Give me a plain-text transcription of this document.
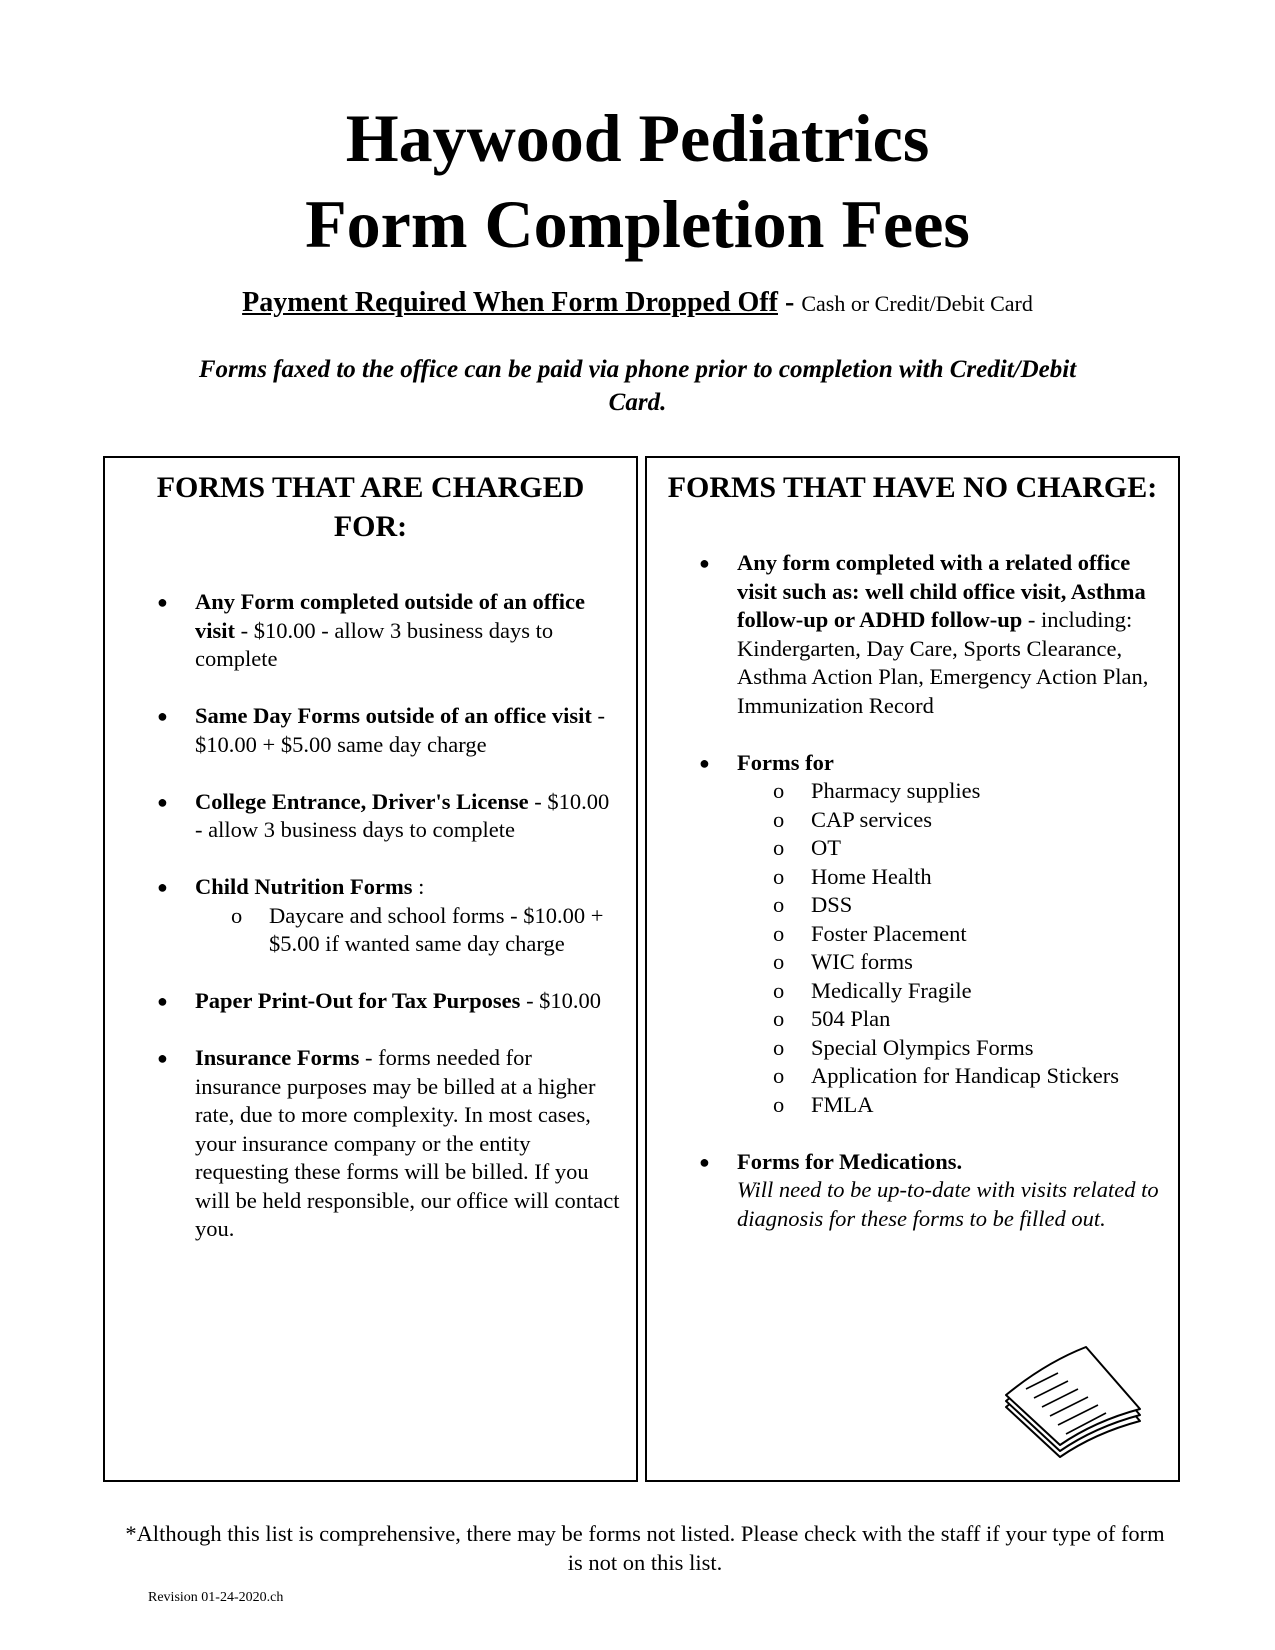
Haywood Pediatrics
Form Completion Fees
Payment Required When Form Dropped Off - Cash or Credit/Debit Card
Forms faxed to the office can be paid via phone prior to completion with Credit/Debit Card.
FORMS THAT ARE CHARGED FOR:
● Any Form completed outside of an office visit - $10.00 - allow 3 business days to complete
● Same Day Forms outside of an office visit - $10.00 + $5.00 same day charge
● College Entrance, Driver's License - $10.00 - allow 3 business days to complete
● Child Nutrition Forms :
o Daycare and school forms - $10.00 + $5.00 if wanted same day charge
● Paper Print-Out for Tax Purposes - $10.00
● Insurance Forms - forms needed for insurance purposes may be billed at a higher rate, due to more complexity. In most cases, your insurance company or the entity requesting these forms will be billed. If you will be held responsible, our office will contact you.
FORMS THAT HAVE NO CHARGE:
● Any form completed with a related office visit such as: well child office visit, Asthma follow-up or ADHD follow-up - including: Kindergarten, Day Care, Sports Clearance, Asthma Action Plan, Emergency Action Plan, Immunization Record
● Forms for
o Pharmacy supplies
o CAP services
o OT
o Home Health
o DSS
o Foster Placement
o WIC forms
o Medically Fragile
o 504 Plan
o Special Olympics Forms
o Application for Handicap Stickers
o FMLA
● Forms for Medications.
Will need to be up-to-date with visits related to diagnosis for these forms to be filled out.
*Although this list is comprehensive, there may be forms not listed. Please check with the staff if your type of form is not on this list.
Revision 01-24-2020.ch
